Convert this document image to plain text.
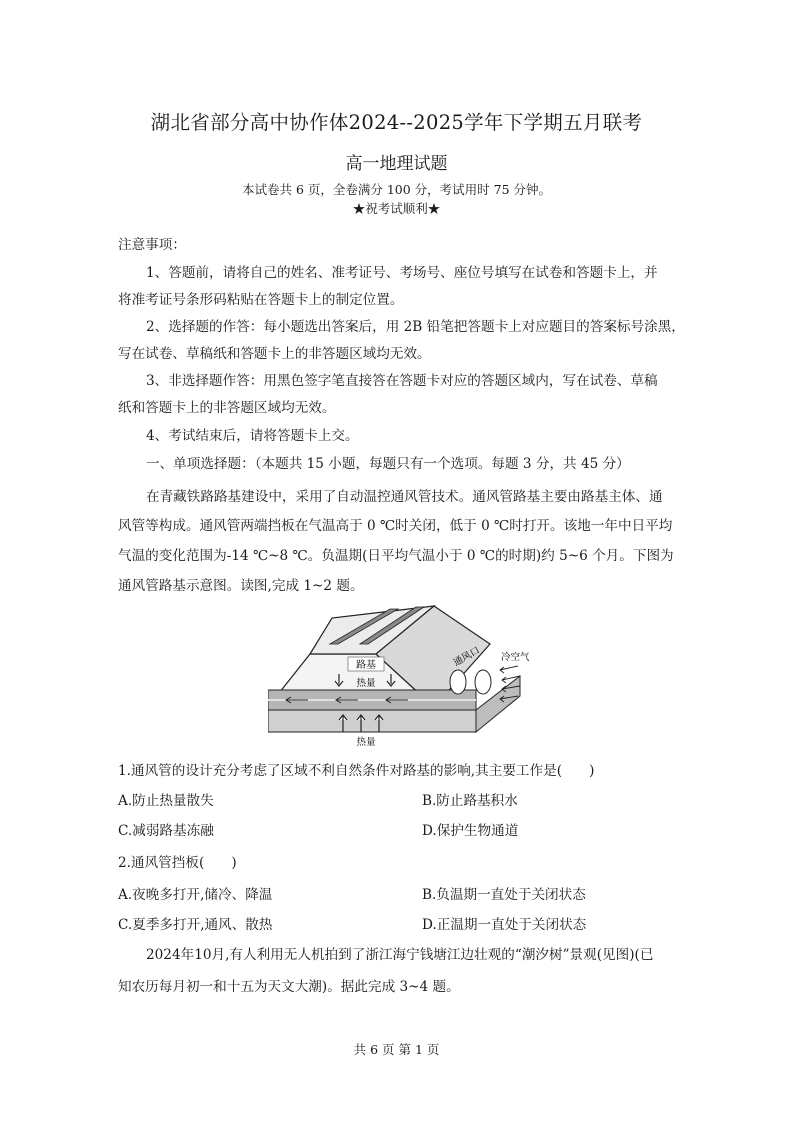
湖北省部分高中协作体2024--2025学年下学期五月联考
高一地理试题
本试卷共 6 页，全卷满分 100 分，考试用时 75 分钟。
★祝考试顺利★
注意事项：
1、答题前，请将自己的姓名、准考证号、考场号、座位号填写在试卷和答题卡上，并
将准考证号条形码粘贴在答题卡上的制定位置。
2、选择题的作答：每小题选出答案后，用 2B 铅笔把答题卡上对应题目的答案标号涂黑，
写在试卷、草稿纸和答题卡上的非答题区域均无效。
3、非选择题作答：用黑色签字笔直接答在答题卡对应的答题区域内，写在试卷、草稿
纸和答题卡上的非答题区域均无效。
4、考试结束后，请将答题卡上交。
一、单项选择题：（本题共 15 小题，每题只有一个选项。每题 3 分，共 45 分）
在青藏铁路路基建设中，采用了自动温控通风管技术。通风管路基主要由路基主体、通
风管等构成。通风管两端挡板在气温高于 0 ℃时关闭，低于 0 ℃时打开。该地一年中日平均
气温的变化范围为-14 ℃~8 ℃。负温期(日平均气温小于 0 ℃的时期)约 5~6 个月。下图为
通风管路基示意图。读图,完成 1~2 题。
路基
热量
通风口 冷空气
热量
1.通风管的设计充分考虑了区域不利自然条件对路基的影响,其主要工作是(　　)
A.防止热量散失	B.防止路基积水
C.减弱路基冻融	D.保护生物通道
2.通风管挡板(　　)
A.夜晚多打开,储冷、降温	B.负温期一直处于关闭状态
C.夏季多打开,通风、散热	D.正温期一直处于关闭状态
2024年10月,有人利用无人机拍到了浙江海宁钱塘江边壮观的“潮汐树”景观(见图)(已
知农历每月初一和十五为天文大潮)。据此完成 3~4 题。
共 6 页 第 1 页
